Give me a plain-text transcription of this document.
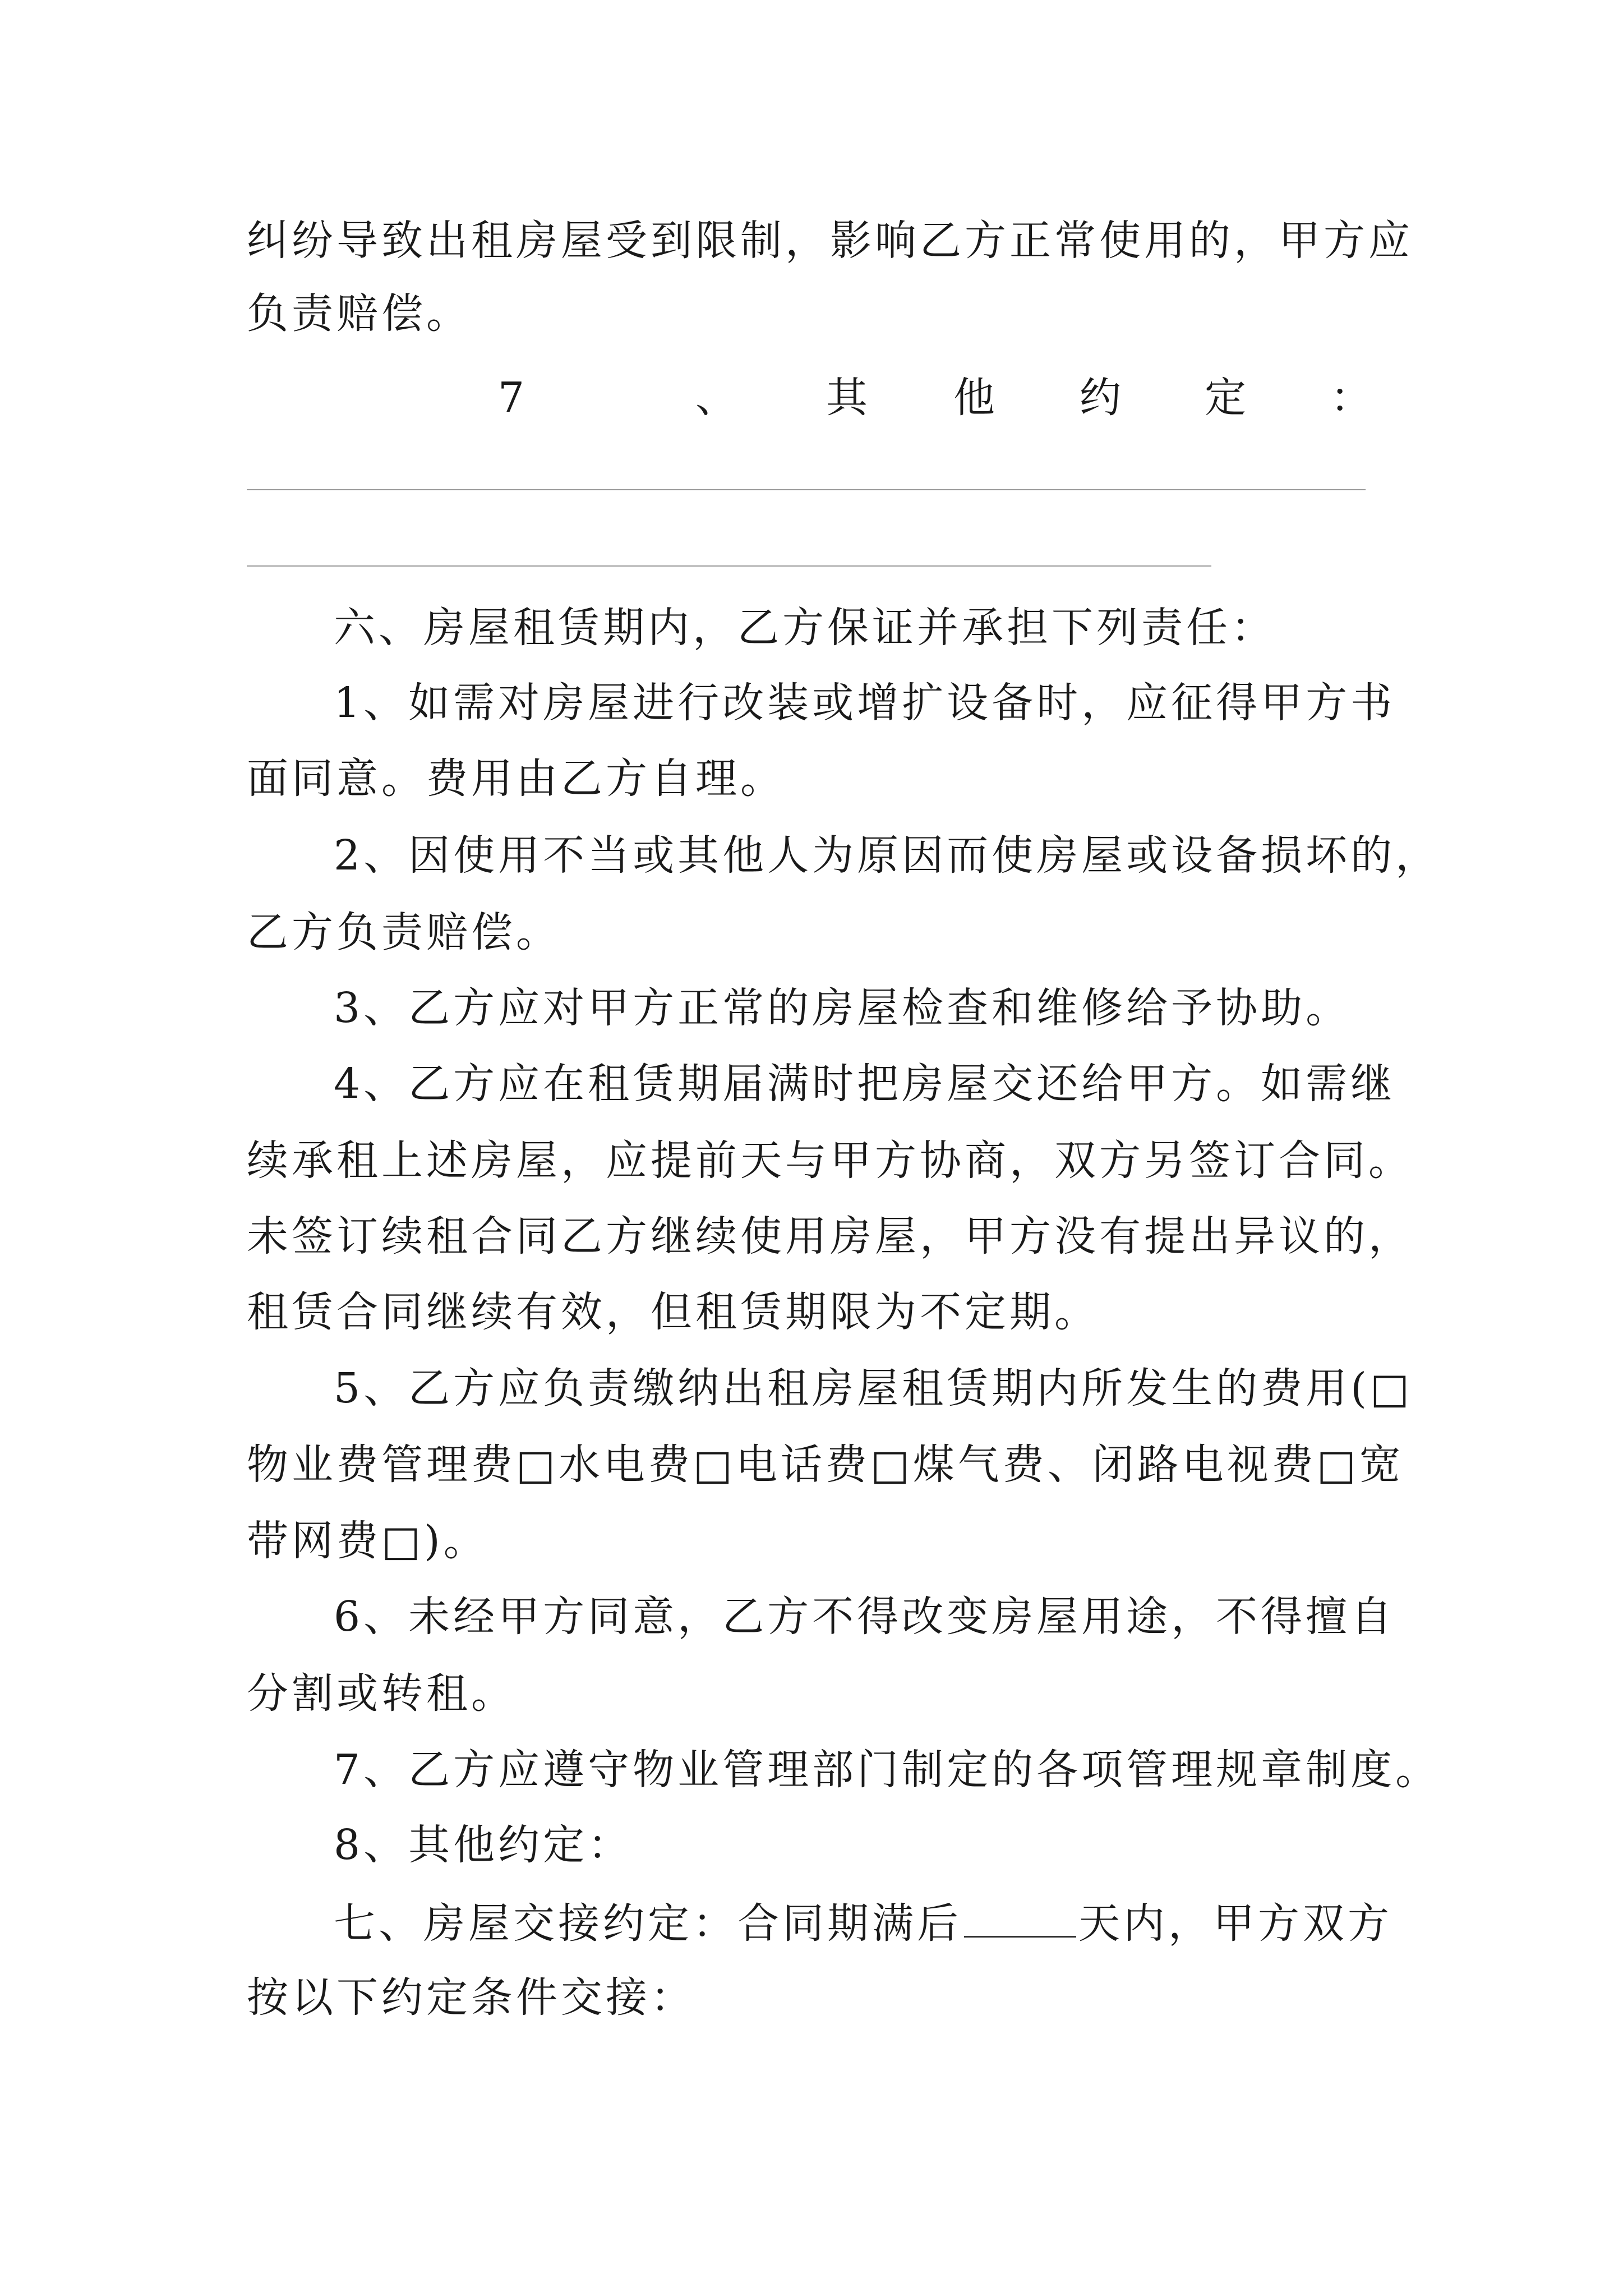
纠纷导致出租房屋受到限制，影响乙方正常使用的，甲方应
负责赔偿。
7	、 其 他 约 定 ：
六、房屋租赁期内，乙方保证并承担下列责任：
1、如需对房屋进行改装或增扩设备时，应征得甲方书
面同意。费用由乙方自理。
2、因使用不当或其他人为原因而使房屋或设备损坏的，
乙方负责赔偿。
3、乙方应对甲方正常的房屋检查和维修给予协助。
4、乙方应在租赁期届满时把房屋交还给甲方。如需继
续承租上述房屋，应提前天与甲方协商，双方另签订合同。
未签订续租合同乙方继续使用房屋，甲方没有提出异议的，
租赁合同继续有效，但租赁期限为不定期。
5、乙方应负责缴纳出租房屋租赁期内所发生的费用(□
物业费管理费□水电费□电话费□煤气费、闭路电视费□宽
带网费□)。
6、未经甲方同意，乙方不得改变房屋用途，不得擅自
分割或转租。
7、乙方应遵守物业管理部门制定的各项管理规章制度。
8、其他约定：
七、房屋交接约定：合同期满后	天内，甲方双方
按以下约定条件交接：
